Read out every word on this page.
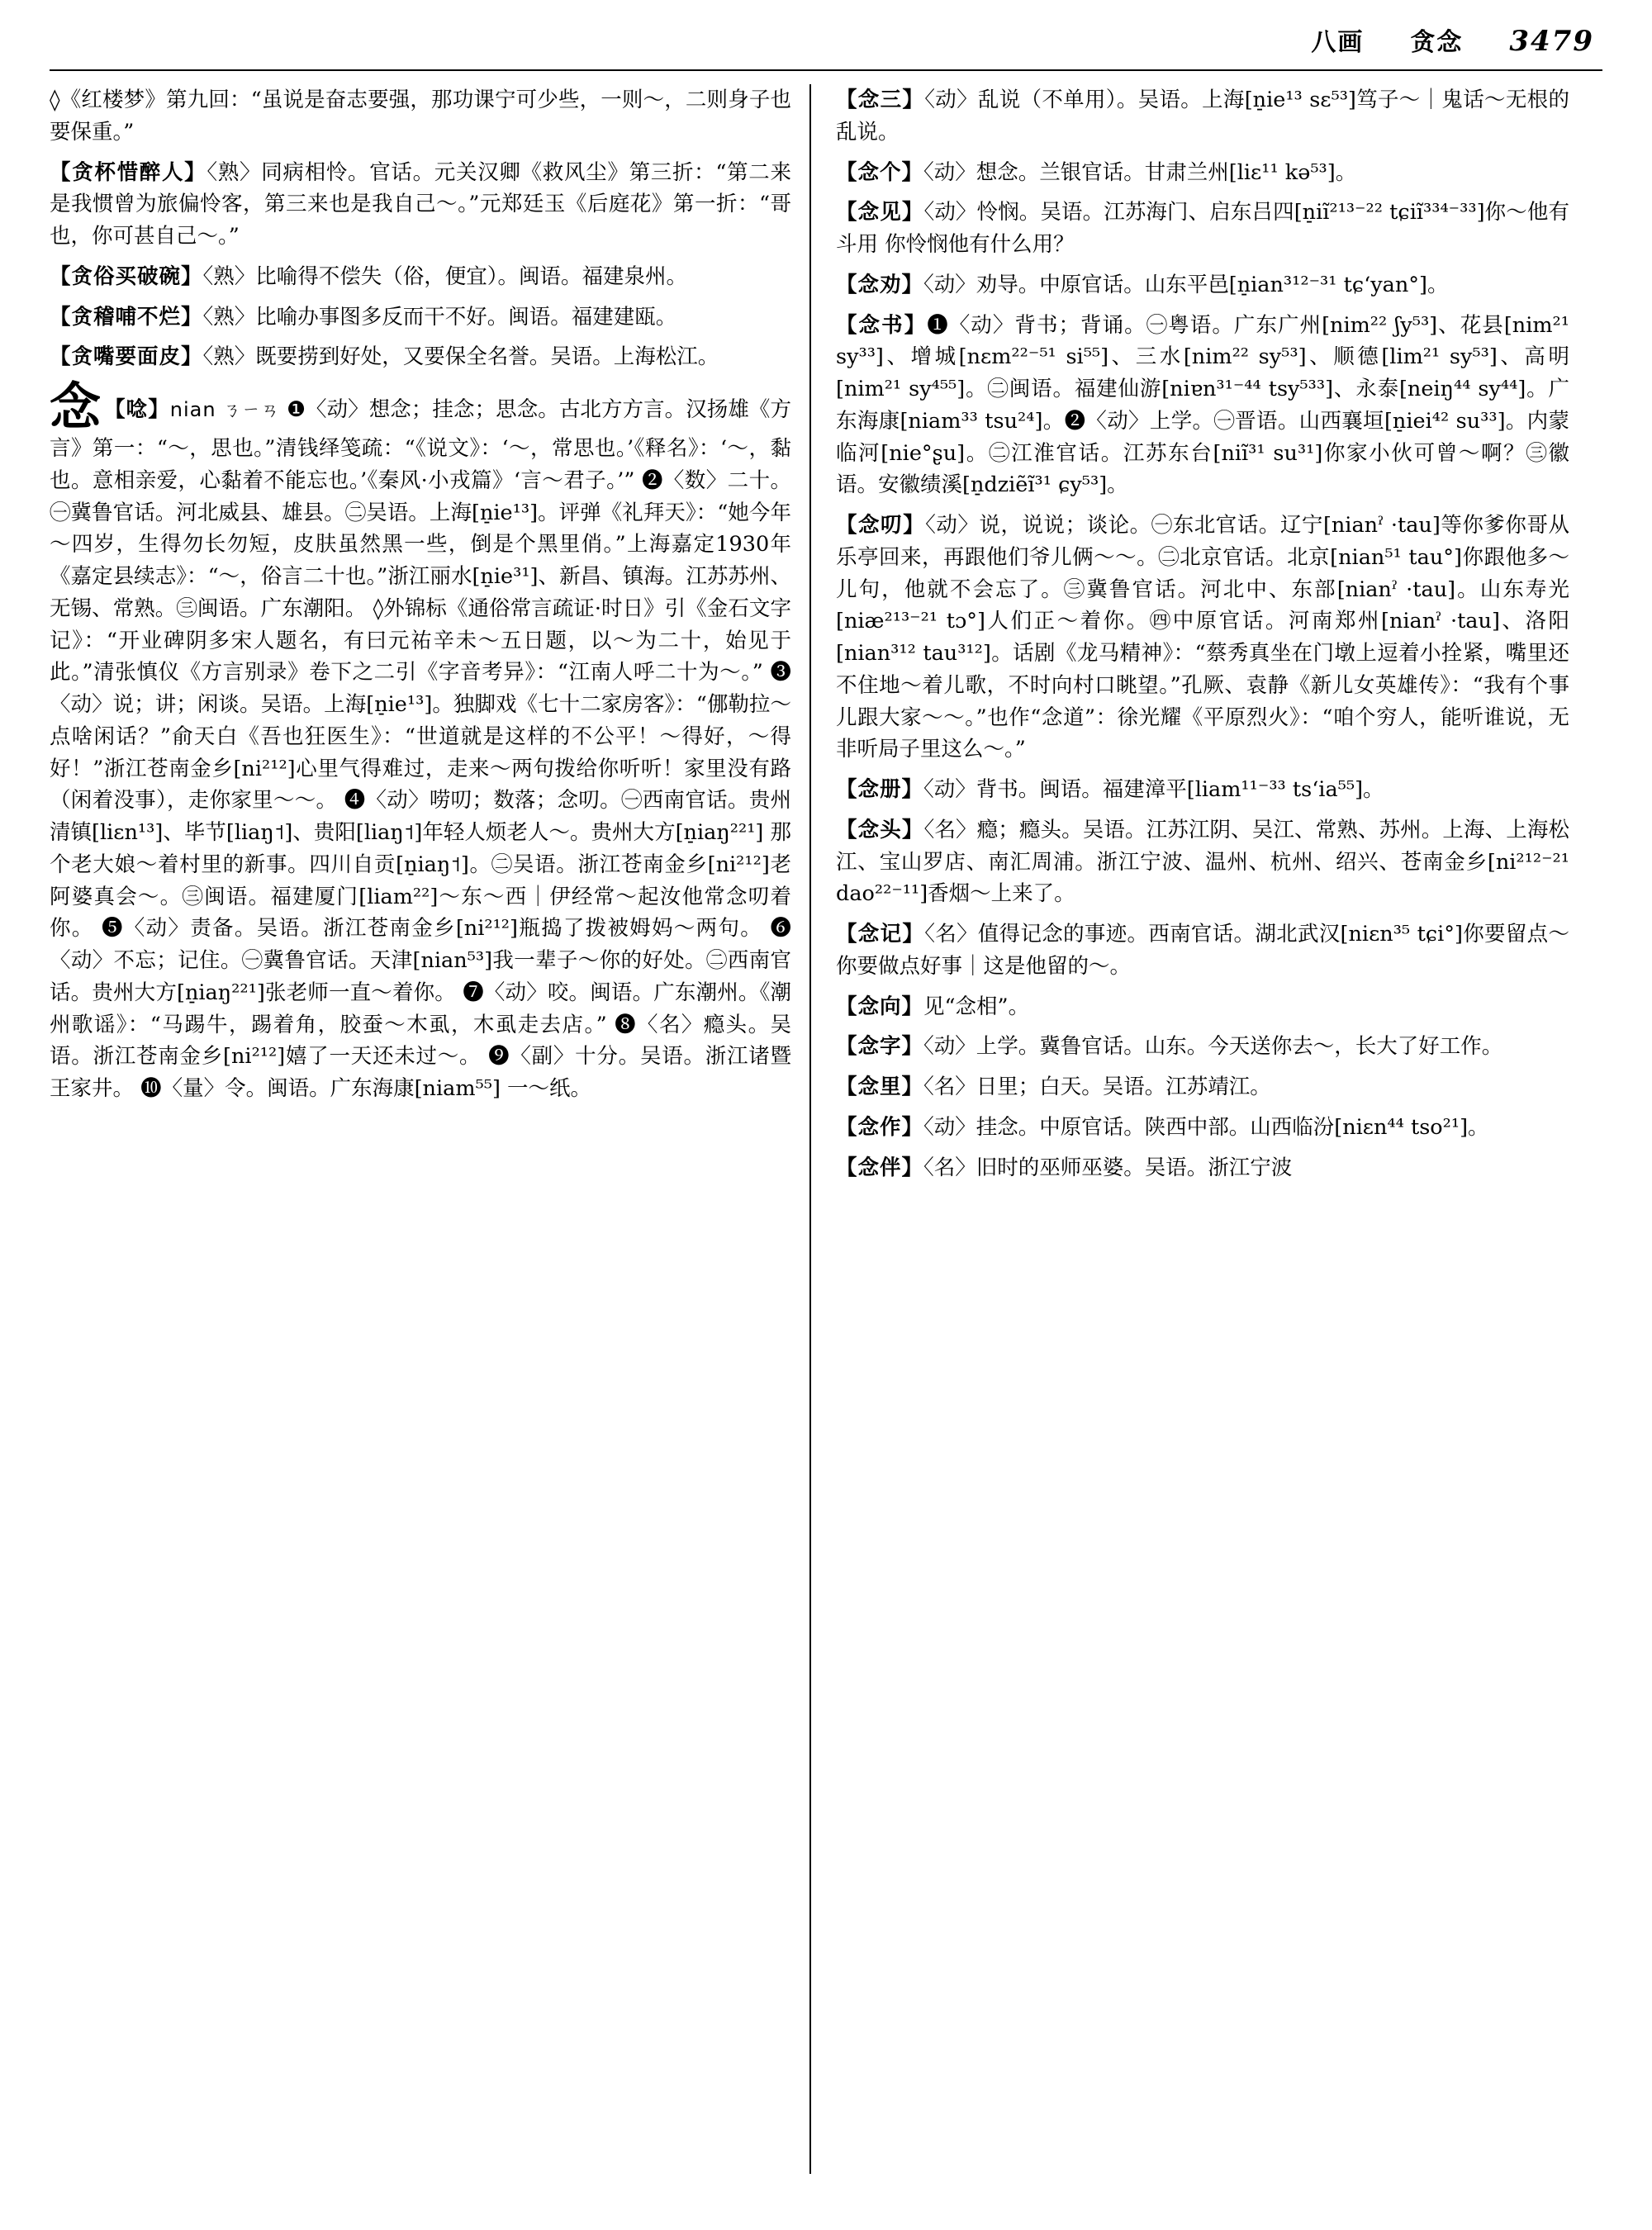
八画 贪念 3479
◊《红楼梦》第九回：“虽说是奋志要强，那功课宁可少些，一则～，二则身子也要保重。”
【贪杯惜醉人】〈熟〉同病相怜。官话。元关汉卿《救风尘》第三折：“第二来是我惯曾为旅偏怜客，第三来也是我自己～。”元郑廷玉《后庭花》第一折：“哥也，你可甚自己～。”
【贪俗买破碗】〈熟〉比喻得不偿失（俗，便宜）。闽语。福建泉州。
【贪稽哺不烂】〈熟〉比喻办事图多反而干不好。闽语。福建建瓯。
【贪嘴要面皮】〈熟〉既要捞到好处，又要保全名誉。吴语。上海松江。
念 【唸】nian ㄋㄧㄢ ❶〈动〉想念；挂念；思念。古北方方言。汉扬雄《方言》第一：“～，思也。”清钱绎笺疏：“《说文》：‘～，常思也。’《释名》：‘～，黏也。意相亲爱，心黏着不能忘也。’《秦风·小戎篇》‘言～君子。’” ❷〈数〉二十。㊀冀鲁官话。河北威县、雄县。㊁吴语。上海[n̠ie¹³]。评弹《礼拜天》：“她今年～四岁，生得勿长勿短，皮肤虽然黑一些，倒是个黑里俏。”上海嘉定1930年《嘉定县续志》：“～，俗言二十也。”浙江丽水[n̠ie³¹]、新昌、镇海。江苏苏州、无锡、常熟。㊂闽语。广东潮阳。 ◊外锦标《通俗常言疏证·时日》引《金石文字记》：“开业碑阴多宋人题名，有曰元祐辛未～五日题，以～为二十，始见于此。”清张慎仪《方言别录》卷下之二引《字音考异》：“江南人呼二十为～。” ❸〈动〉说；讲；闲谈。吴语。上海[n̠ie¹³]。独脚戏《七十二家房客》：“㑚勒拉～点啥闲话？”俞天白《吾也狂医生》：“世道就是这样的不公平！～得好，～得好！”浙江苍南金乡[ni²¹²]心里气得难过，走来～两句拨给你听听！家里没有路（闲着没事），走你家里～～。 ❹〈动〉唠叨；数落；念叨。㊀西南官话。贵州清镇[liɛn¹³]、毕节[liaŋ˦]、贵阳[liaŋ˦]年轻人烦老人～。贵州大方[n̠iaŋ²²¹] 那个老大娘～着村里的新事。四川自贡[n̠iaŋ˦]。㊁吴语。浙江苍南金乡[ni²¹²]老阿婆真会～。㊂闽语。福建厦门[liam²²]～东～西｜伊经常～起汝他常念叨着你。 ❺〈动〉责备。吴语。浙江苍南金乡[ni²¹²]瓶捣了拨被姆妈～两句。 ❻〈动〉不忘；记住。㊀冀鲁官话。天津[nian⁵³]我一辈子～你的好处。㊁西南官话。贵州大方[n̠iaŋ²²¹]张老师一直～着你。 ❼〈动〉咬。闽语。广东潮州。《潮州歌谣》：“马踢牛，踢着角，胶蚕～木虱，木虱走去店。” ❽〈名〉瘾头。吴语。浙江苍南金乡[ni²¹²]嬉了一天还未过～。 ❾〈副〉十分。吴语。浙江诸暨王家井。 ❿〈量〉令。闽语。广东海康[niam⁵⁵] 一～纸。
【念三】〈动〉乱说（不单用）。吴语。上海[n̠ie¹³ sɛ⁵³]笃子～｜鬼话～无根的乱说。
【念个】〈动〉想念。兰银官话。甘肃兰州[liɛ¹¹ kə⁵³]。
【念见】〈动〉怜悯。吴语。江苏海门、启东吕四[n̠iĩ²¹³⁻²² tɕiĩ³³⁴⁻³³]你～他有斗用 你怜悯他有什么用？
【念劝】〈动〉劝导。中原官话。山东平邑[n̠ian³¹²⁻³¹ tɕ‘yan°]。
【念书】❶〈动〉背书；背诵。㊀粤语。广东广州[nim²² ʃy⁵³]、花县[nim²¹ sy³³]、增城[nɛm²²⁻⁵¹ si⁵⁵]、三水[nim²² sy⁵³]、顺德[lim²¹ sy⁵³]、高明[nim²¹ sy⁴⁵⁵]。㊁闽语。福建仙游[niɐn³¹⁻⁴⁴ tsy⁵³³]、永泰[neiŋ⁴⁴ sy⁴⁴]。广东海康[niam³³ tsu²⁴]。❷〈动〉上学。㊀晋语。山西襄垣[n̠iei⁴² su³³]。内蒙临河[nie°ʂu]。㊁江淮官话。江苏东台[niĩ³¹ su³¹]你家小伙可曾～啊？㊂徽语。安徽绩溪[n̠dziẽĩ³¹ ɕy⁵³]。
【念叨】〈动〉说，说说；谈论。㊀东北官话。辽宁[nianˀ ·tau]等你爹你哥从乐亭回来，再跟他们爷儿俩～～。㊁北京官话。北京[nian⁵¹ tau°]你跟他多～儿句，他就不会忘了。㊂冀鲁官话。河北中、东部[nianˀ ·tau]。山东寿光[niæ²¹³⁻²¹ tɔ°]人们正～着你。㊃中原官话。河南郑州[nianˀ ·tau]、洛阳[nian³¹² tau³¹²]。话剧《龙马精神》：“蔡秀真坐在门墩上逗着小拴紧，嘴里还不住地～着儿歌，不时向村口眺望。”孔厥、袁静《新儿女英雄传》：“我有个事儿跟大家～～。”也作“念道”：徐光耀《平原烈火》：“咱个穷人，能听谁说，无非听局子里这么～。”
【念册】〈动〉背书。闽语。福建漳平[liam¹¹⁻³³ ts‘ia⁵⁵]。
【念头】〈名〉瘾；瘾头。吴语。江苏江阴、吴江、常熟、苏州。上海、上海松江、宝山罗店、南汇周浦。浙江宁波、温州、杭州、绍兴、苍南金乡[ni²¹²⁻²¹ dao²²⁻¹¹]香烟～上来了。
【念记】〈名〉值得记念的事迹。西南官话。湖北武汉[niɛn³⁵ tɕi°]你要留点～你要做点好事｜这是他留的～。
【念向】见“念相”。
【念字】〈动〉上学。冀鲁官话。山东。今天送你去～，长大了好工作。
【念里】〈名〉日里；白天。吴语。江苏靖江。
【念作】〈动〉挂念。中原官话。陕西中部。山西临汾[niɛn⁴⁴ tso²¹]。
【念伴】〈名〉旧时的巫师巫婆。吴语。浙江宁波
